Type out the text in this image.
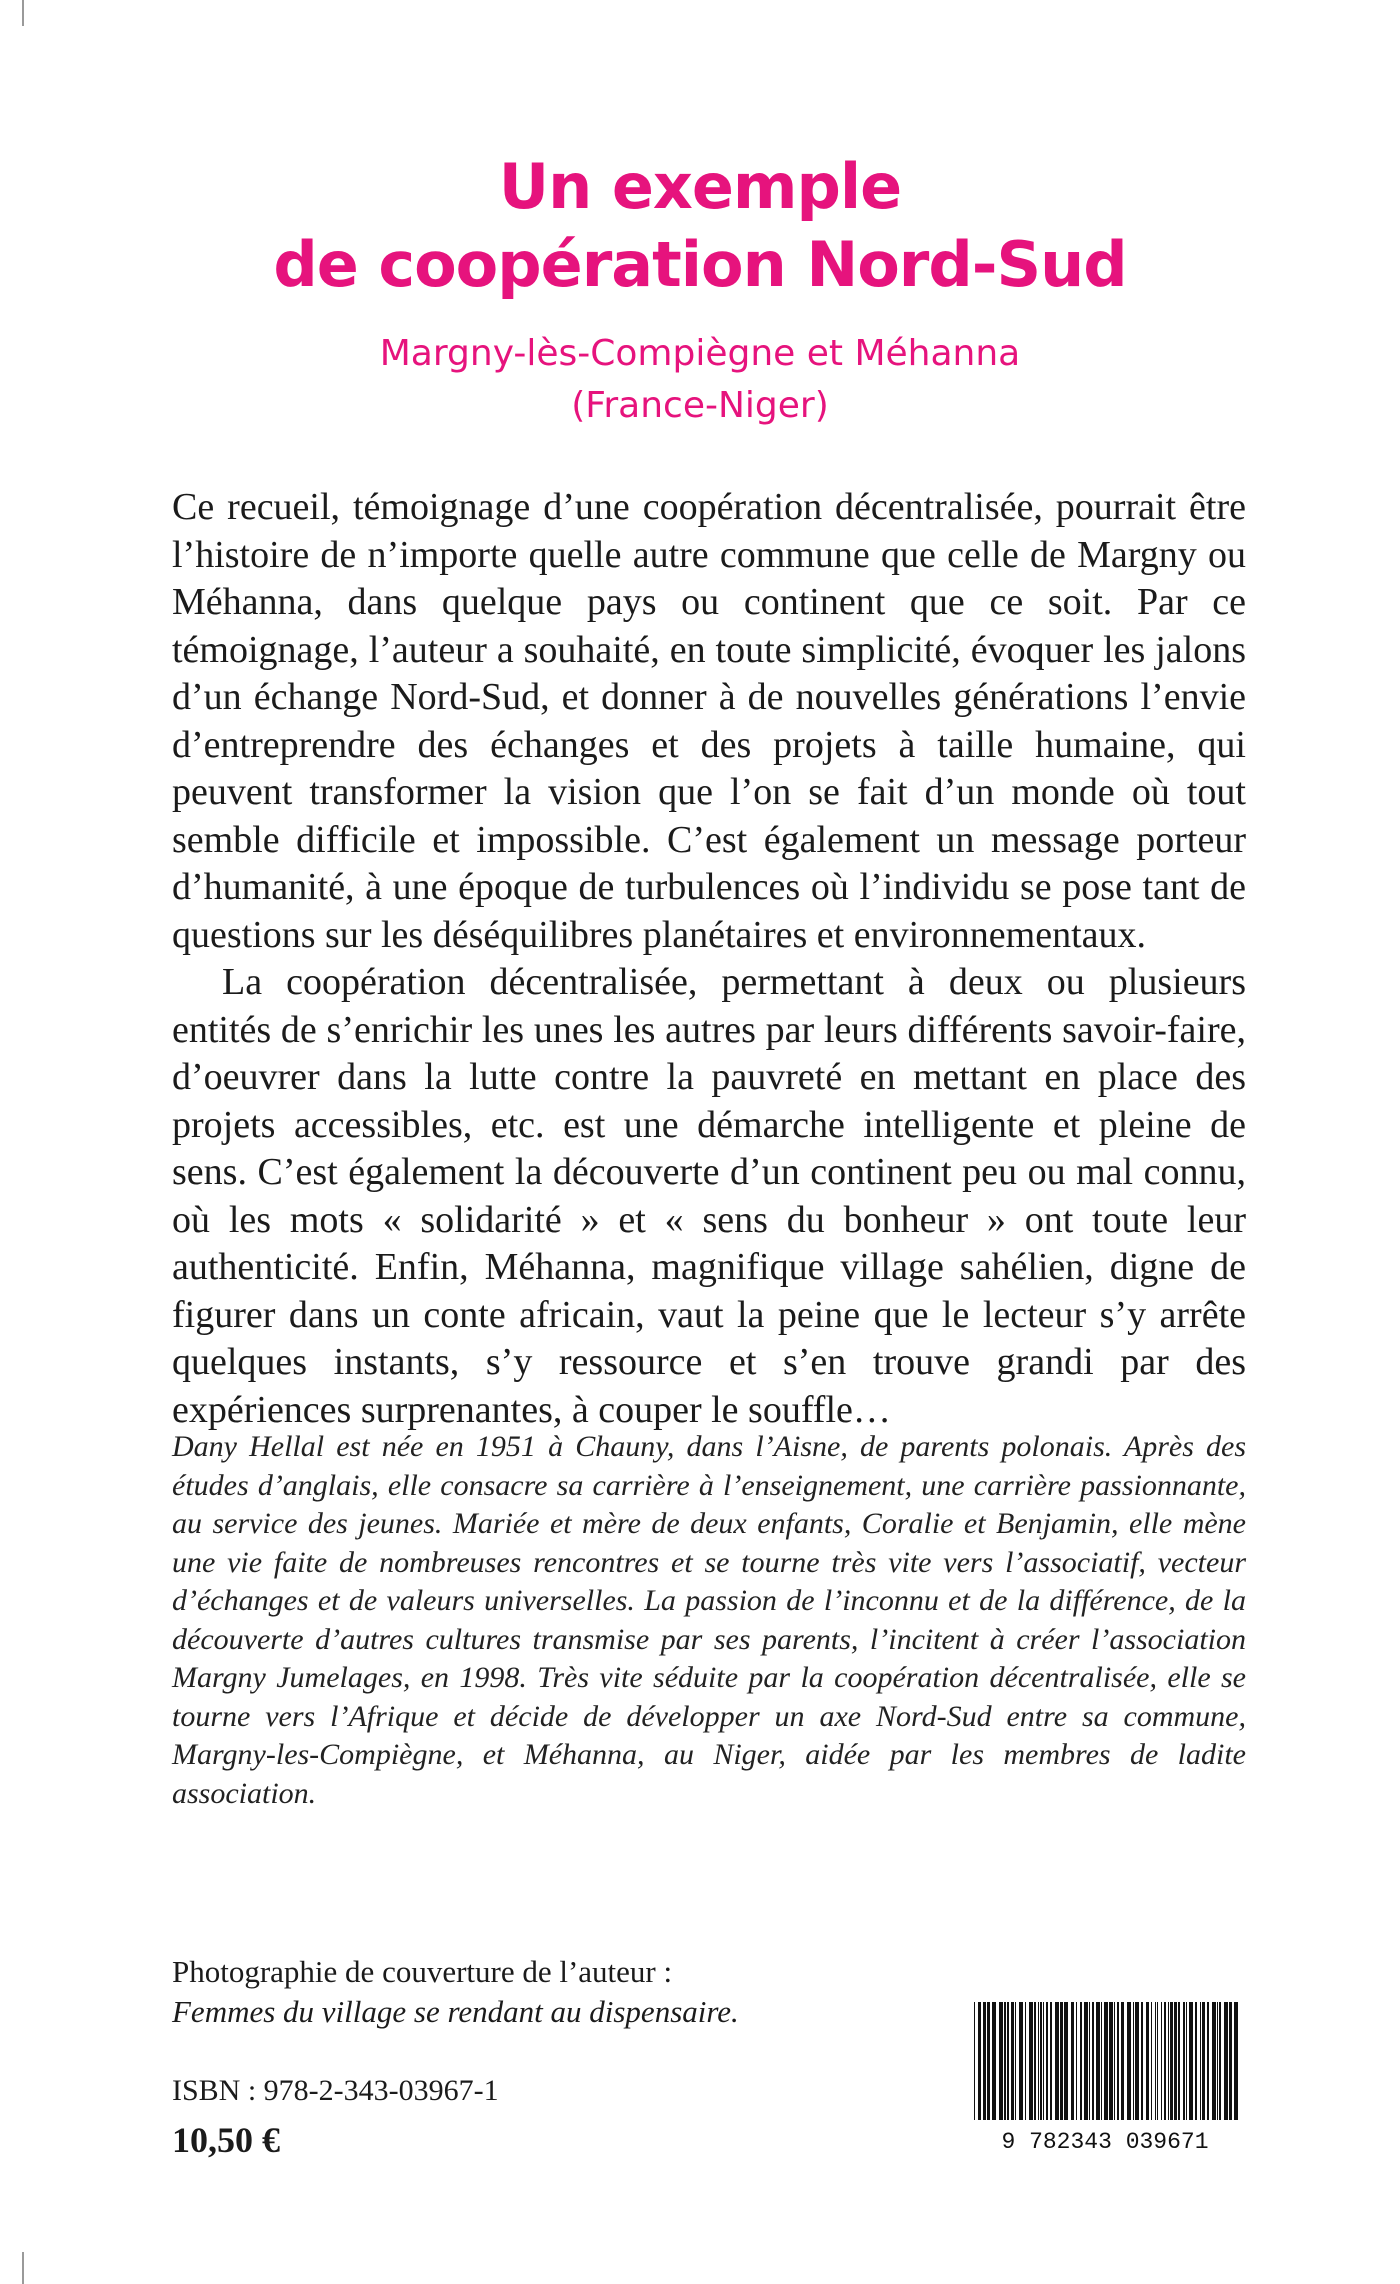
Un exemple
de coopération Nord-Sud
Margny-lès-Compiègne et Méhanna
(France-Niger)

Ce recueil, témoignage d’une coopération décentralisée, pourrait être l’histoire de n’importe quelle autre commune que celle de Margny ou Méhanna, dans quelque pays ou continent que ce soit. Par ce témoignage, l’auteur a souhaité, en toute simplicité, évoquer les jalons d’un échange Nord-Sud, et donner à de nouvelles générations l’envie d’entreprendre des échanges et des projets à taille humaine, qui peuvent transformer la vision que l’on se fait d’un monde où tout semble difficile et impossible. C’est également un message porteur d’humanité, à une époque de turbulences où l’individu se pose tant de questions sur les déséquilibres planétaires et environnementaux.

La coopération décentralisée, permettant à deux ou plusieurs entités de s’enrichir les unes les autres par leurs différents savoir-faire, d’oeuvrer dans la lutte contre la pauvreté en mettant en place des projets accessibles, etc. est une démarche intelligente et pleine de sens. C’est également la découverte d’un continent peu ou mal connu, où les mots « solidarité » et « sens du bonheur » ont toute leur authenticité. Enfin, Méhanna, magnifique village sahélien, digne de figurer dans un conte africain, vaut la peine que le lecteur s’y arrête quelques instants, s’y ressource et s’en trouve grandi par des expériences surprenantes, à couper le souffle…

Dany Hellal est née en 1951 à Chauny, dans l’Aisne, de parents polonais. Après des études d’anglais, elle consacre sa carrière à l’enseignement, une carrière passionnante, au service des jeunes. Mariée et mère de deux enfants, Coralie et Benjamin, elle mène une vie faite de nombreuses rencontres et se tourne très vite vers l’associatif, vecteur d’échanges et de valeurs universelles. La passion de l’inconnu et de la différence, de la découverte d’autres cultures transmise par ses parents, l’incitent à créer l’association Margny Jumelages, en 1998. Très vite séduite par la coopération décentralisée, elle se tourne vers l’Afrique et décide de développer un axe Nord-Sud entre sa commune, Margny-les-Compiègne, et Méhanna, au Niger, aidée par les membres de ladite association.
Photographie de couverture de l’auteur :
Femmes du village se rendant au dispensaire.
ISBN : 978-2-343-03967-1
10,50 €	9 782343 039671
